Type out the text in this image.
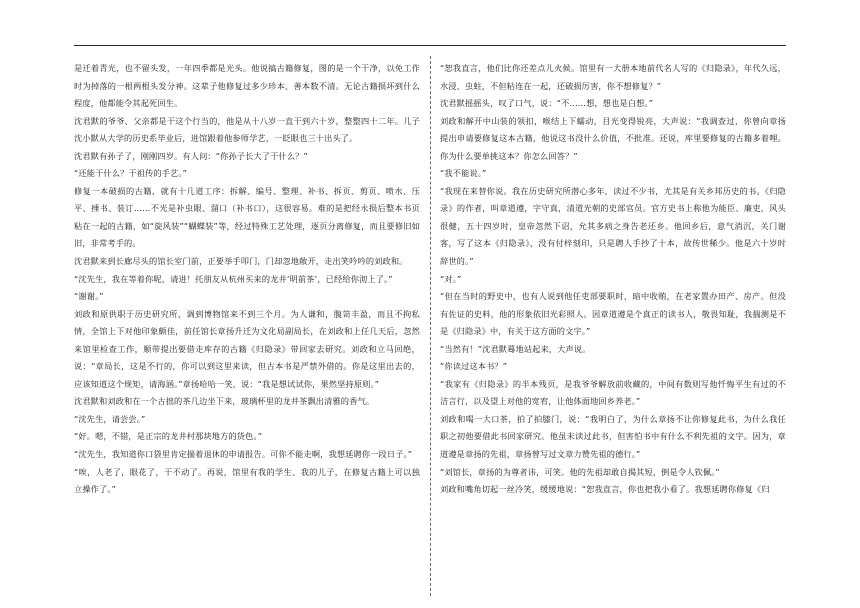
是迁着青光，也不留头发，一年四季都是光头。他说搞古籍修复，图的是一个干净，以免工作时为掉落的一根两根头发分神。这辈子他修复过多少珍本、善本数不清。无论古籍损坏到什么程度，他都能令其起死回生。

沈君默的爷爷、父亲都是干这个行当的，他是从十八岁一直干到六十岁，整整四十二年。儿子沈小默从大学的历史系毕业后，进馆跟着他参师学艺，一眨眼也三十出头了。

沈君默有孙子了，刚刚四岁。有人问：“你孙子长大了干什么？”

“还能干什么？干祖传的手艺。”

修复一本破损的古籍，就有十几道工序：拆解、编号、整理、补书、拆页、剪页、喷水、压平、捶书、装订……不光是补虫眼、溜口（补书口），这很容易。难的是把经永损后整本书页粘在一起的古籍，如“旋风装”“蝴蝶装”等，经过特殊工艺处理，逐页分离修复，而且要修旧如旧，非常考手的。

沈君默来到长廊尽头的馆长室门前，正要举手叩门，门却忽地敞开，走出笑吟吟的刘政和。

“沈先生，我在等着你呢，请进！托朋友从杭州买来的龙井‘明前茶’，已经给你沏上了。”

“谢谢。”

刘政和原供职于历史研究所，调到博物馆来不到三个月。为人谦和，腹笥丰盈，而且不拘私情，全馆上下对他印象颇佳，前任馆长章扬升迁为文化局副局长，在刘政和上任几天后，忽然来馆里检查工作，顺带提出要借走库存的古籍《归隐录》带回家去研究。刘政和立马回绝，说：“章局长，这是不行的，你可以到这里来读，但古本书是严禁外借的。你是这里出去的，应该知道这个规矩，请海涵。”章扬哈哈一笑，说：“我是想试试你，果然坚持原则。”

沈君默和刘政和在一个古拙的茶几边坐下来，玻璃杯里的龙井茶飘出清雅的香气。

“沈先生，请尝尝。”

“好。嗯，不错，是正宗的龙井村那块地方的货色。”

“沈先生，我知道你口袋里肯定揣着退休的申请报告。可你不能走啊，我想延聘你一段日子。”

“唉，人老了，眼花了，干不动了。再说，馆里有我的学生、我的儿子，在修复古籍上可以独立操作了。”

“恕我直言，他们比你还差点儿火候。馆里有一大册本地前代名人写的《归隐录》，年代久远，水浸、虫蛀，不但粘连在一起，还破损厉害，你不想修复？”

沈君默摇摇头，叹了口气，说：“不……想，想也是白想。”

刘政和解开中山装的领扣，喉结上下蠕动，目光变得锐亮，大声说：“我调查过，你曾向章扬提出申请要修复这本古籍，他说这书没什么价值，不批准。还说，库里要修复的古籍多着哩。你为什么要单挑这本？你怎么回答？”

“我不能说。”

“我现在来替你说。我在历史研究所潜心多年，读过不少书，尤其是有关乡邦历史的书。《归隐录》的作者，叫章道遵，字守真，清道光朝的史部官员。官方史书上称他为能臣、廉吏，风头很健，五十四岁时，皇帝忽然下诏，允其多病之身告老还乡。他回乡后，意气消沉，关门谢客，写了这本《归隐录》，没有付梓刻印，只是聘人手抄了十本，故传世稀少。他是六十岁时辞世的。”

“对。”

“但在当时的野史中，也有人说到他任吏部要职时，暗中收贿，在老家置办田产、房产。但没有佐证的史料，他的形象依旧光彩照人。因章道遵是个真正的读书人，敬畏知耻，我揣测是不是《归隐录》中，有关于这方面的文字。”

“当然有！”沈君默蓦地站起来，大声说。

“你读过这本书？”

“我家有《归隐录》的半本残页，是我爷爷解放前收藏的，中间有数则写他忏悔平生有过的不洁言行，以及望上对他的宽宥，让他体面地回乡养老。”

刘政和喝一大口茶，拍了拍膝门，说：“我明白了，为什么章扬不让你修复此书，为什么我任职之初他要借此书回家研究。他虽未读过此书，但害怕书中有什么不利先祖的文字。因为，章道遵是章扬的先祖，章扬曾写过文章力赞先祖的德行。”

“刘馆长，章扬的为尊者讳，可笑。他的先祖却敢自揭其短，倒是令人钦佩。”

刘政和嘴角切起一丝冷笑，缓缓地说：“恕我直言，你也把我小看了。我想延聘你修复《归
